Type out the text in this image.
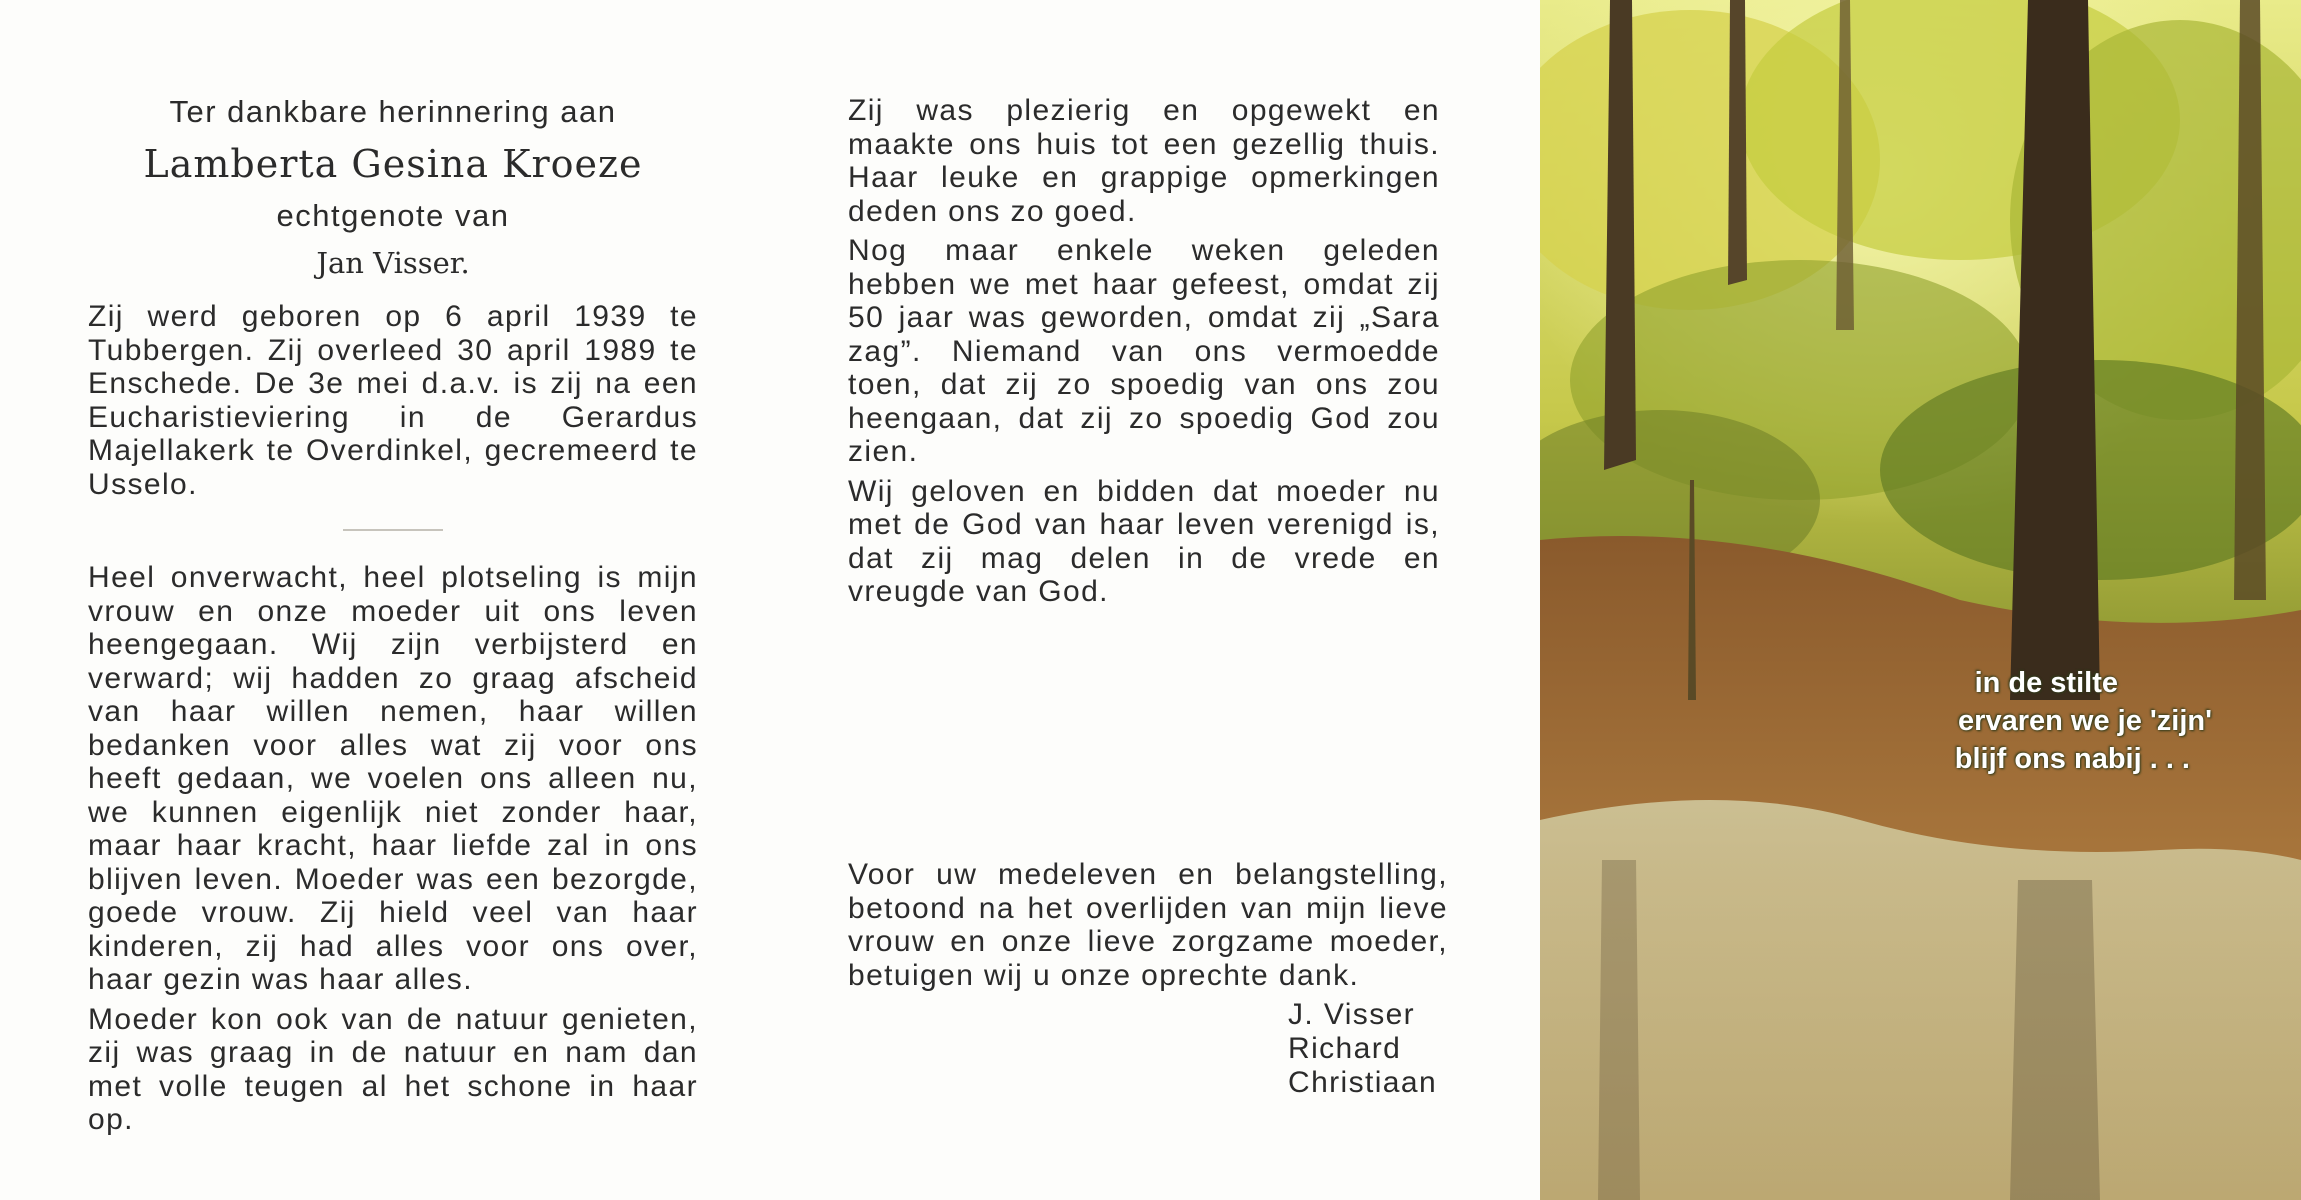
Ter dankbare herinnering aan
Lamberta Gesina Kroeze
echtgenote van
Jan Visser.

Zij werd geboren op 6 april 1939 te Tubbergen. Zij overleed 30 april 1989 te Enschede. De 3e mei d.a.v. is zij na een Eucharistieviering in de Gerardus Majellakerk te Overdinkel, gecremeerd te Usselo.

Heel onverwacht, heel plotseling is mijn vrouw en onze moeder uit ons leven heengegaan. Wij zijn verbijsterd en verward; wij hadden zo graag afscheid van haar willen nemen, haar willen bedanken voor alles wat zij voor ons heeft gedaan, we voelen ons alleen nu, we kunnen eigenlijk niet zonder haar, maar haar kracht, haar liefde zal in ons blijven leven. Moeder was een bezorgde, goede vrouw. Zij hield veel van haar kinderen, zij had alles voor ons over, haar gezin was haar alles.

Moeder kon ook van de natuur genieten, zij was graag in de natuur en nam dan met volle teugen al het schone in haar op.

Zij was plezierig en opgewekt en maakte ons huis tot een gezellig thuis. Haar leuke en grappige opmerkingen deden ons zo goed.

Nog maar enkele weken geleden hebben we met haar gefeest, omdat zij 50 jaar was geworden, omdat zij „Sara zag”. Niemand van ons vermoedde toen, dat zij zo spoedig van ons zou heengaan, dat zij zo spoedig God zou zien.

Wij geloven en bidden dat moeder nu met de God van haar leven verenigd is, dat zij mag delen in de vrede en vreugde van God.

Voor uw medeleven en belangstelling, betoond na het overlijden van mijn lieve vrouw en onze lieve zorgzame moeder, betuigen wij u onze oprechte dank.

J. Visser
Richard
Christiaan
in de stilte
ervaren we je 'zijn'
blijf ons nabij . . .
